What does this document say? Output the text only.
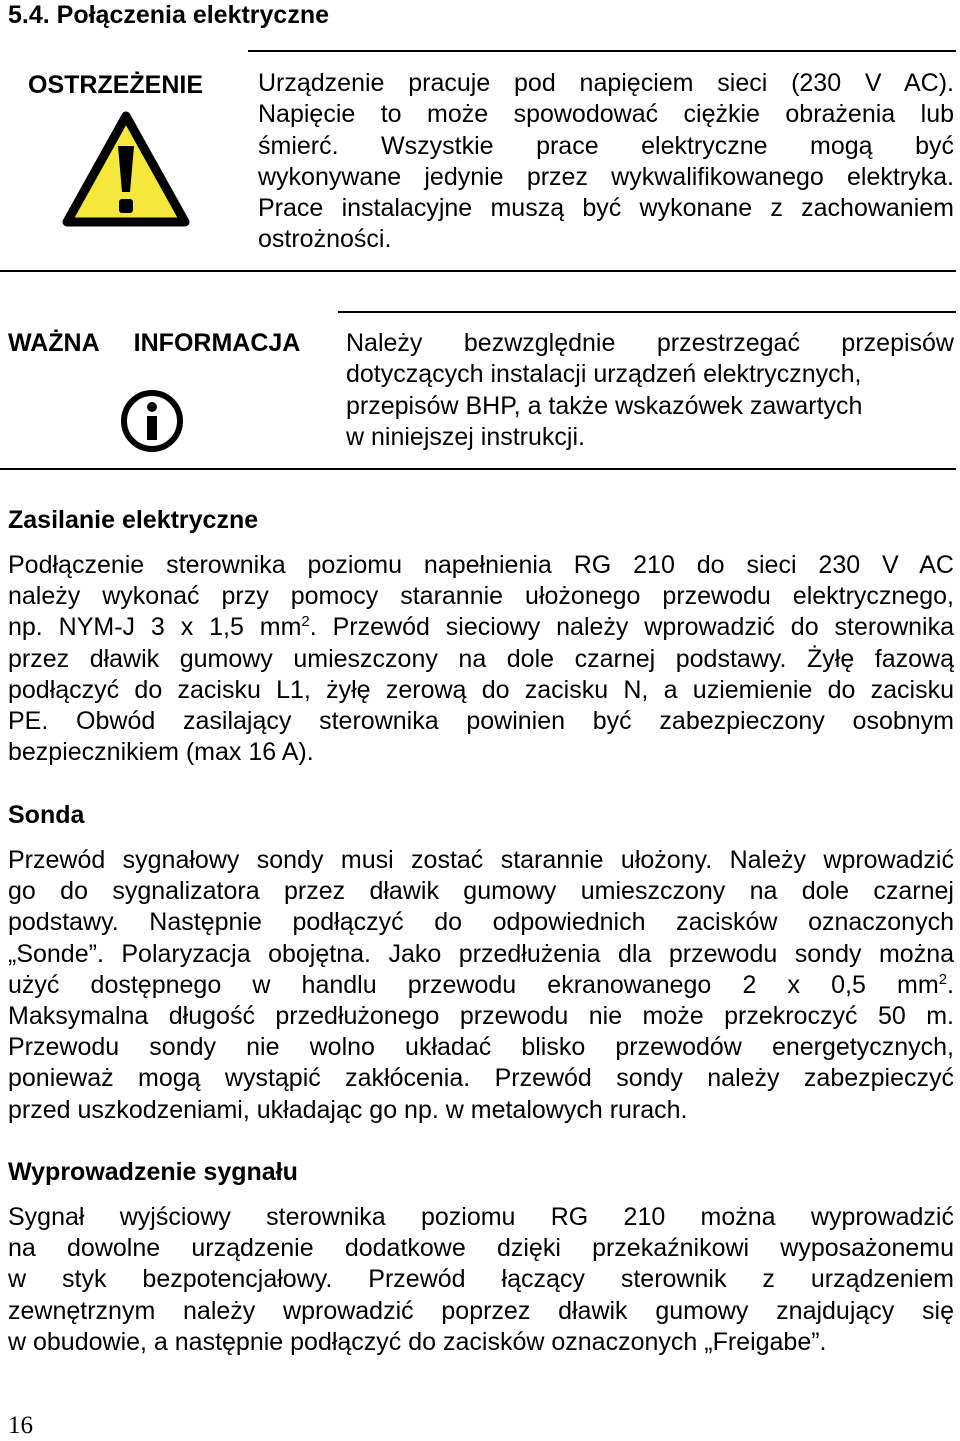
5.4. Połączenia elektryczne
OSTRZEŻENIE Urządzenie pracuje pod napięciem sieci (230 V AC).
Napięcie to może spowodować ciężkie obrażenia lub
śmierć. Wszystkie prace elektryczne mogą być
wykonywane jedynie przez wykwalifikowanego elektryka.
Prace instalacyjne muszą być wykonane z zachowaniem
ostrożności.
WAŻNA INFORMACJA Należy bezwzględnie przestrzegać przepisów
dotyczących instalacji urządzeń elektrycznych,
przepisów BHP, a także wskazówek zawartych
w niniejszej instrukcji.
Zasilanie elektryczne
Podłączenie sterownika poziomu napełnienia RG 210 do sieci 230 V AC
należy wykonać przy pomocy starannie ułożonego przewodu elektrycznego,
np. NYM-J 3 x 1,5 $mm^2$. Przewód sieciowy należy wprowadzić do sterownika
przez dławik gumowy umieszczony na dole czarnej podstawy. Żyłę fazową
podłączyć do zacisku L1, żyłę zerową do zacisku N, a uziemienie do zacisku
PE. Obwód zasilający sterownika powinien być zabezpieczony osobnym
bezpiecznikiem (max 16 A).
Sonda
Przewód sygnałowy sondy musi zostać starannie ułożony. Należy wprowadzić
go do sygnalizatora przez dławik gumowy umieszczony na dole czarnej
podstawy. Następnie podłączyć do odpowiednich zacisków oznaczonych
„Sonde”. Polaryzacja obojętna. Jako przedłużenia dla przewodu sondy można
użyć dostępnego w handlu przewodu ekranowanego 2 x 0,5 $mm^2$.
Maksymalna długość przedłużonego przewodu nie może przekroczyć 50 m.
Przewodu sondy nie wolno układać blisko przewodów energetycznych,
ponieważ mogą wystąpić zakłócenia. Przewód sondy należy zabezpieczyć
przed uszkodzeniami, układając go np. w metalowych rurach.
Wyprowadzenie sygnału
Sygnał wyjściowy sterownika poziomu RG 210 można wyprowadzić
na dowolne urządzenie dodatkowe dzięki przekaźnikowi wyposażonemu
w styk bezpotencjałowy. Przewód łączący sterownik z urządzeniem
zewnętrznym należy wprowadzić poprzez dławik gumowy znajdujący się
w obudowie, a następnie podłączyć do zacisków oznaczonych „Freigabe”.
16
